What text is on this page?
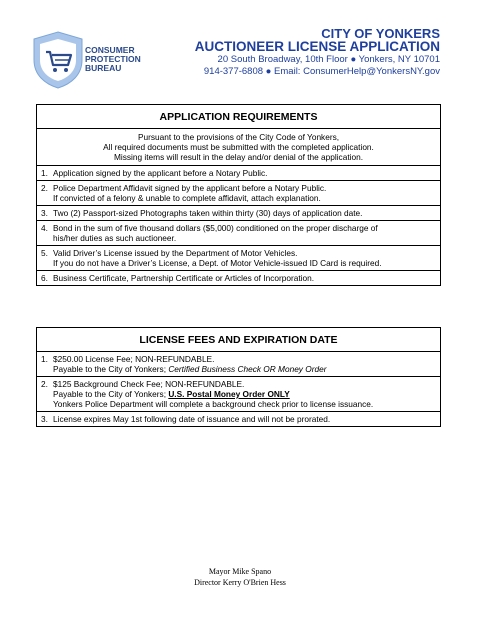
CONSUMER
PROTECTION
BUREAU
CITY OF YONKERS
AUCTIONEER LICENSE APPLICATION
20 South Broadway, 10th Floor ● Yonkers, NY 10701
914-377-6808 ● Email: ConsumerHelp@YonkersNY.gov
APPLICATION REQUIREMENTS

Pursuant to the provisions of the City Code of Yonkers,
All required documents must be submitted with the completed application.
Missing items will result in the delay and/or denial of the application.

1. Application signed by the applicant before a Notary Public.
2. Police Department Affidavit signed by the applicant before a Notary Public.
If convicted of a felony & unable to complete affidavit, attach explanation.

3. Two (2) Passport-sized Photographs taken within thirty (30) days of application date.
4. Bond in the sum of five thousand dollars ($5,000) conditioned on the proper discharge of
his/her duties as such auctioneer.

5. Valid Driver’s License issued by the Department of Motor Vehicles.
If you do not have a Driver’s License, a Dept. of Motor Vehicle-issued ID Card is required.

6. Business Certificate, Partnership Certificate or Articles of Incorporation.
LICENSE FEES AND EXPIRATION DATE
1. $250.00 License Fee; NON-REFUNDABLE.
Payable to the City of Yonkers; Certified Business Check OR Money Order

2. $125 Background Check Fee; NON-REFUNDABLE.
Payable to the City of Yonkers; U.S. Postal Money Order ONLY
Yonkers Police Department will complete a background check prior to license issuance.

3. License expires May 1st following date of issuance and will not be prorated.
Mayor Mike Spano
Director Kerry O'Brien Hess
